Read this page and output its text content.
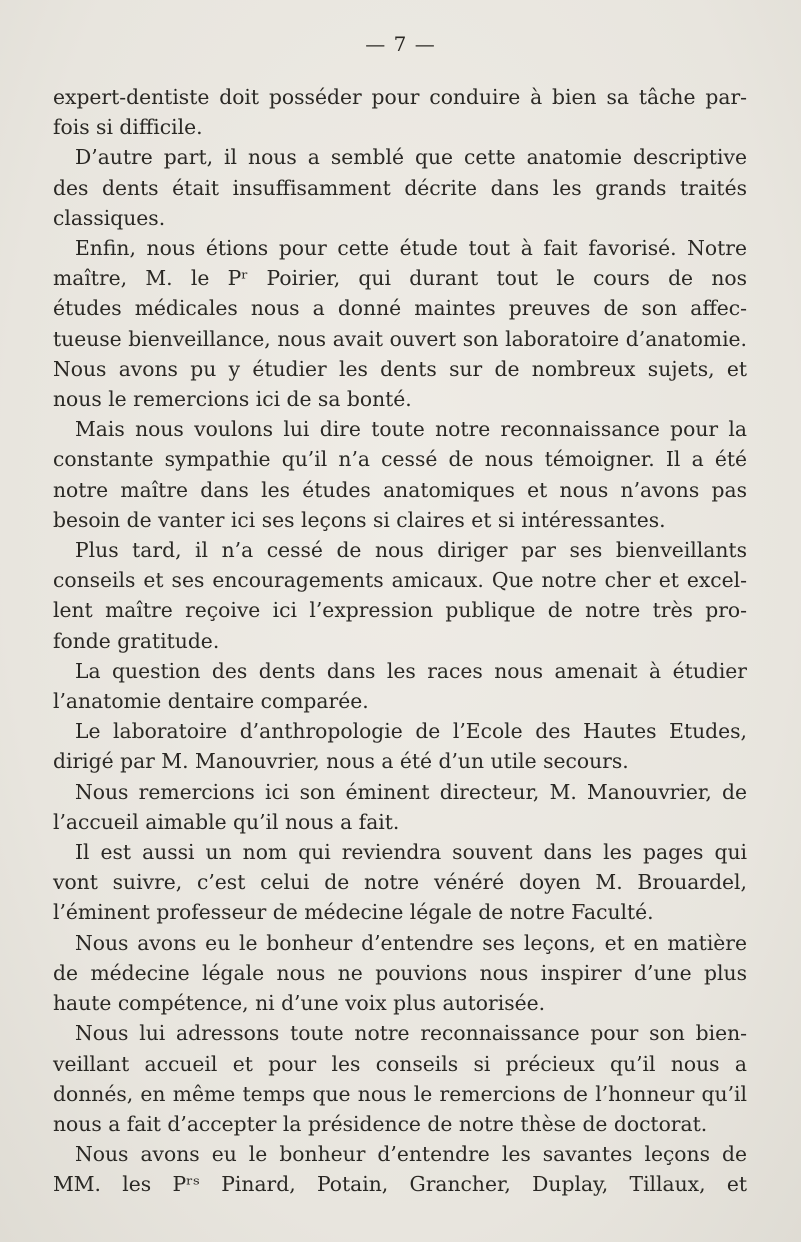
— 7 —
expert-dentiste doit posséder pour conduire à bien sa tâche par-
fois si difficile.
D’autre part, il nous a semblé que cette anatomie descriptive
des dents était insuffisamment décrite dans les grands traités
classiques.
Enfin, nous étions pour cette étude tout à fait favorisé. Notre
maître, M. le Pʳ Poirier, qui durant tout le cours de nos
études médicales nous a donné maintes preuves de son affec-
tueuse bienveillance, nous avait ouvert son laboratoire d’anatomie.
Nous avons pu y étudier les dents sur de nombreux sujets, et
nous le remercions ici de sa bonté.
Mais nous voulons lui dire toute notre reconnaissance pour la
constante sympathie qu’il n’a cessé de nous témoigner. Il a été
notre maître dans les études anatomiques et nous n’avons pas
besoin de vanter ici ses leçons si claires et si intéressantes.
Plus tard, il n’a cessé de nous diriger par ses bienveillants
conseils et ses encouragements amicaux. Que notre cher et excel-
lent maître reçoive ici l’expression publique de notre très pro-
fonde gratitude.
La question des dents dans les races nous amenait à étudier
l’anatomie dentaire comparée.
Le laboratoire d’anthropologie de l’Ecole des Hautes Etudes,
dirigé par M. Manouvrier, nous a été d’un utile secours.
Nous remercions ici son éminent directeur, M. Manouvrier, de
l’accueil aimable qu’il nous a fait.
Il est aussi un nom qui reviendra souvent dans les pages qui
vont suivre, c’est celui de notre vénéré doyen M. Brouardel,
l’éminent professeur de médecine légale de notre Faculté.
Nous avons eu le bonheur d’entendre ses leçons, et en matière
de médecine légale nous ne pouvions nous inspirer d’une plus
haute compétence, ni d’une voix plus autorisée.
Nous lui adressons toute notre reconnaissance pour son bien-
veillant accueil et pour les conseils si précieux qu’il nous a
donnés, en même temps que nous le remercions de l’honneur qu’il
nous a fait d’accepter la présidence de notre thèse de doctorat.
Nous avons eu le bonheur d’entendre les savantes leçons de
MM. les Pʳˢ Pinard, Potain, Grancher, Duplay, Tillaux, et
